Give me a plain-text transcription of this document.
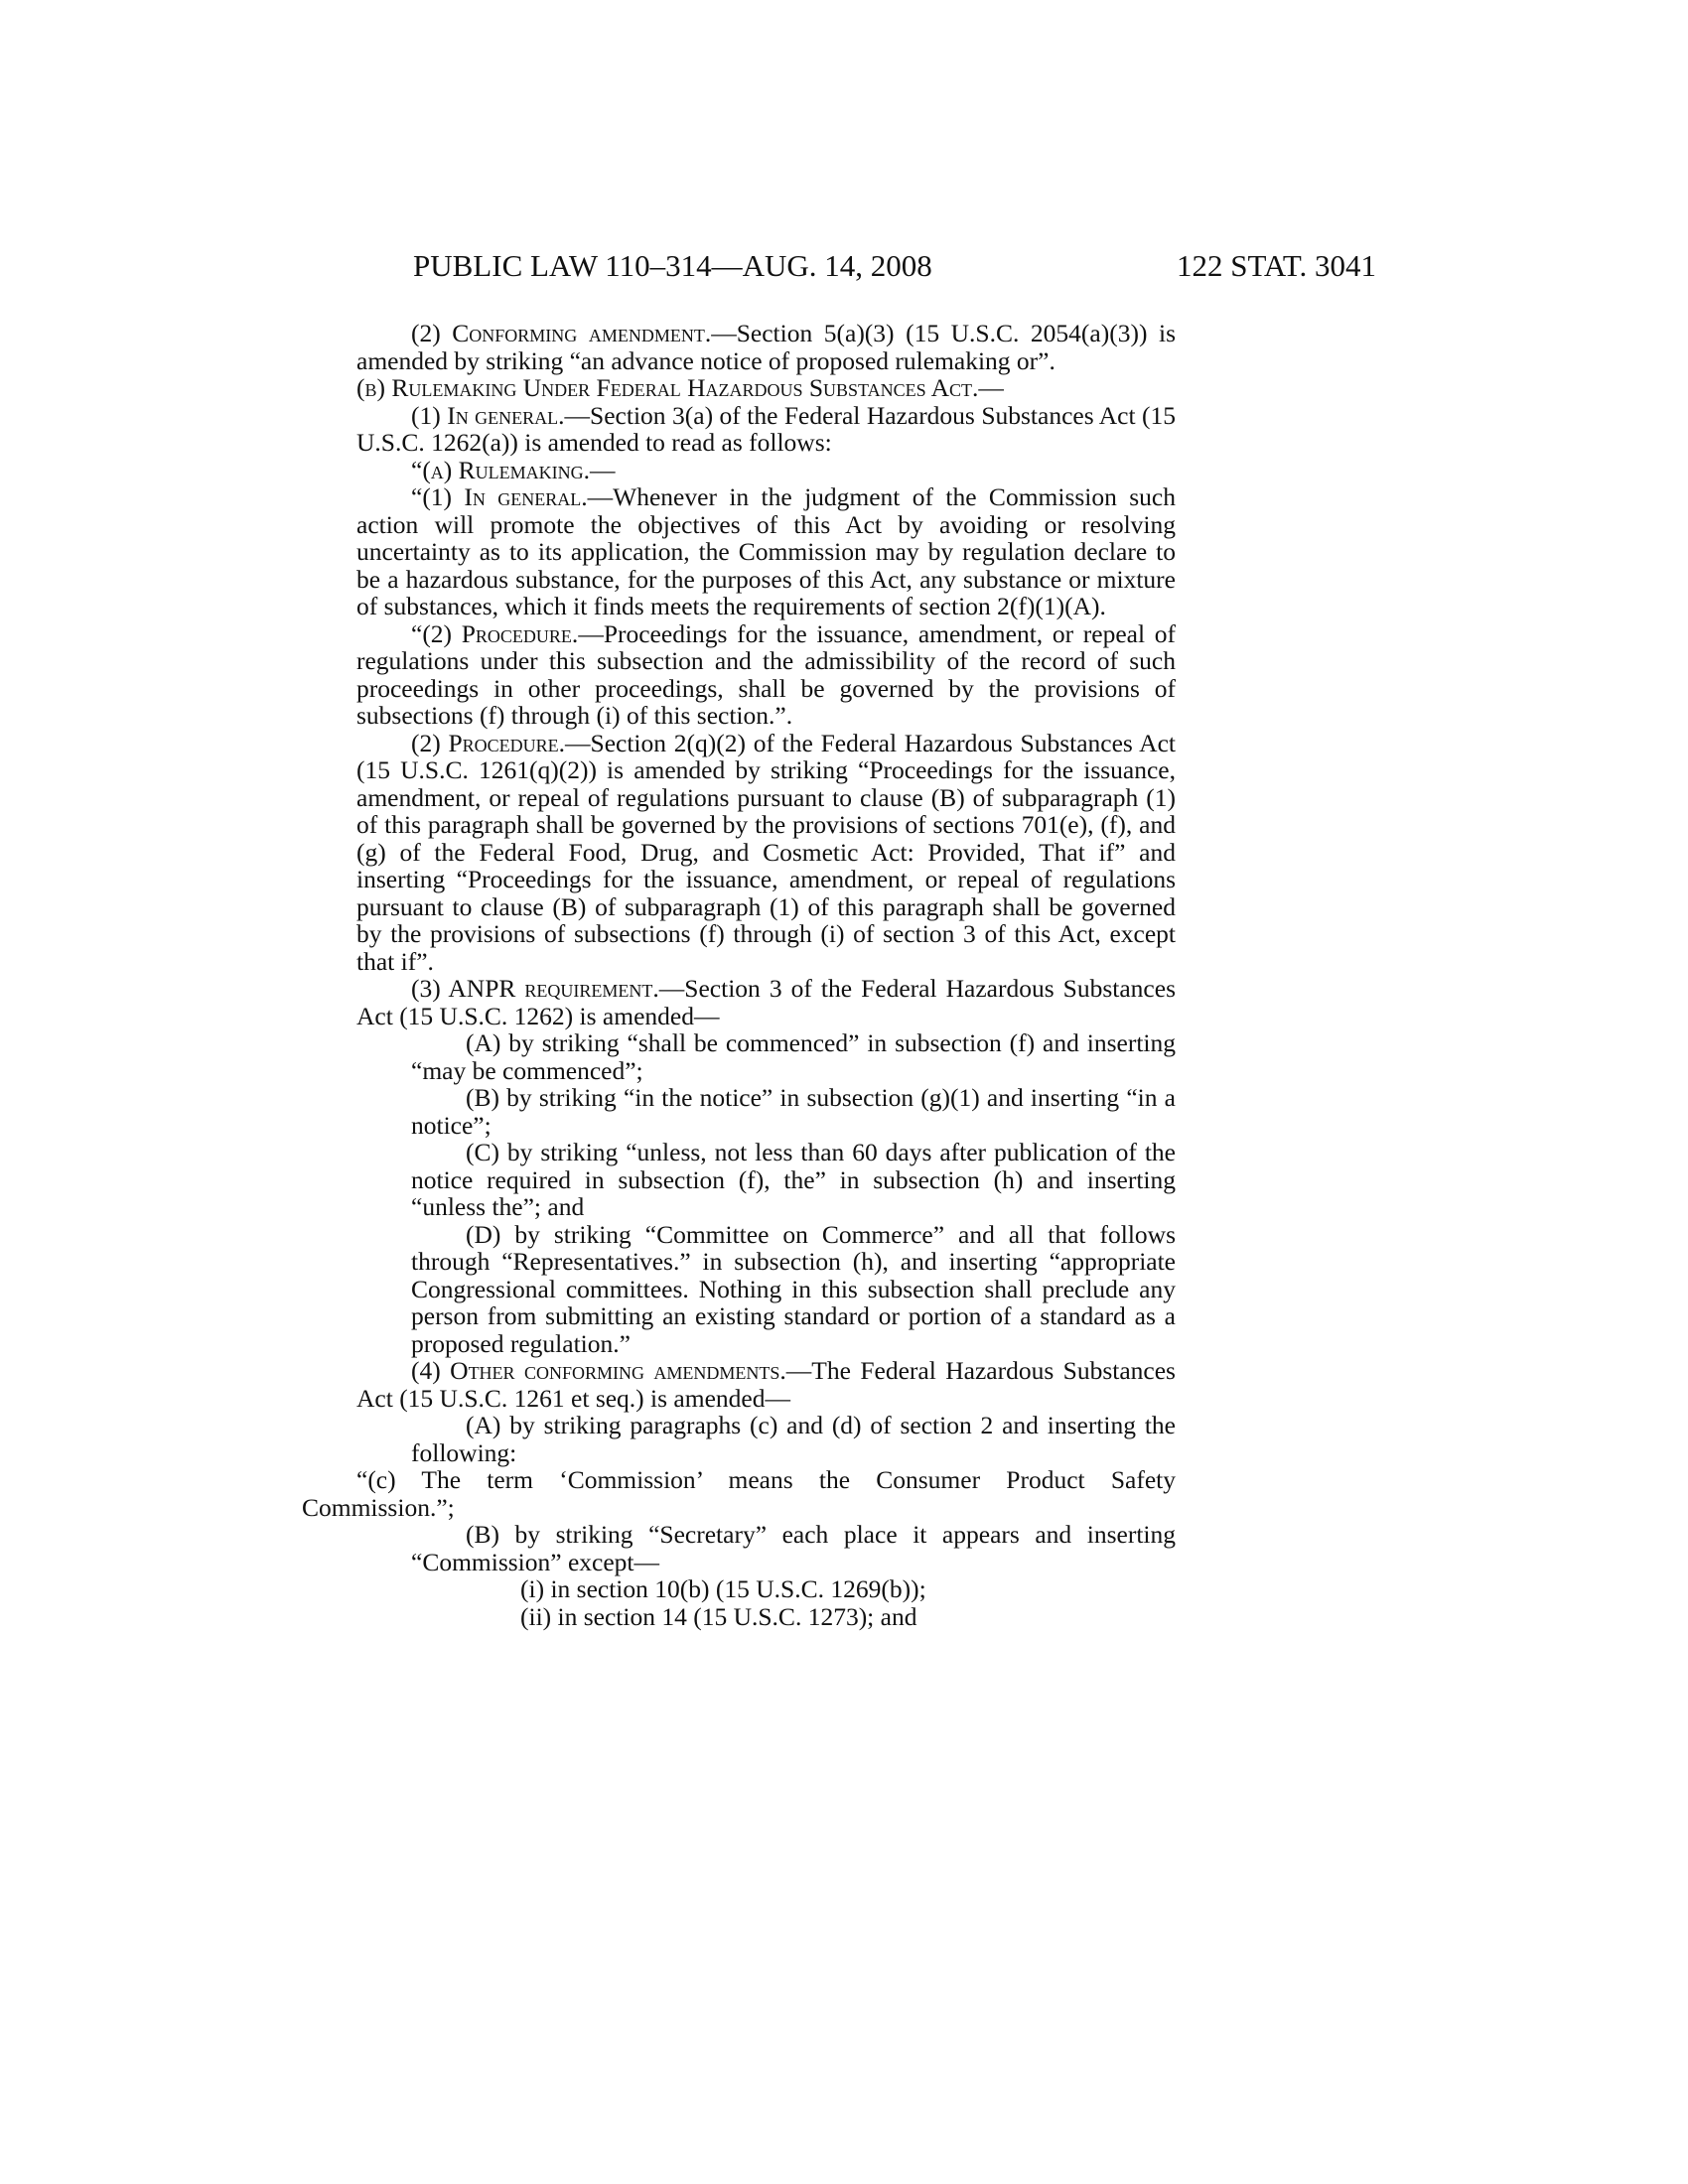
PUBLIC LAW 110–314—AUG. 14, 2008	122 STAT. 3041

(2) Conforming amendment.—Section 5(a)(3) (15 U.S.C. 2054(a)(3)) is amended by striking “an advance notice of proposed rulemaking or”.

(b) Rulemaking Under Federal Hazardous Substances Act.—

(1) In general.—Section 3(a) of the Federal Hazardous Substances Act (15 U.S.C. 1262(a)) is amended to read as follows:

“(a) Rulemaking.—

“(1) In general.—Whenever in the judgment of the Commission such action will promote the objectives of this Act by avoiding or resolving uncertainty as to its application, the Commission may by regulation declare to be a hazardous substance, for the purposes of this Act, any substance or mixture of substances, which it finds meets the requirements of section 2(f)(1)(A).

“(2) Procedure.—Proceedings for the issuance, amendment, or repeal of regulations under this subsection and the admissibility of the record of such proceedings in other proceedings, shall be governed by the provisions of subsections (f) through (i) of this section.”.

(2) Procedure.—Section 2(q)(2) of the Federal Hazardous Substances Act (15 U.S.C. 1261(q)(2)) is amended by striking “Proceedings for the issuance, amendment, or repeal of regulations pursuant to clause (B) of subparagraph (1) of this paragraph shall be governed by the provisions of sections 701(e), (f), and (g) of the Federal Food, Drug, and Cosmetic Act: Provided, That if” and inserting “Proceedings for the issuance, amendment, or repeal of regulations pursuant to clause (B) of subparagraph (1) of this paragraph shall be governed by the provisions of subsections (f) through (i) of section 3 of this Act, except that if”.

(3) ANPR requirement.—Section 3 of the Federal Hazardous Substances Act (15 U.S.C. 1262) is amended—

(A) by striking “shall be commenced” in subsection (f) and inserting “may be commenced”;

(B) by striking “in the notice” in subsection (g)(1) and inserting “in a notice”;

(C) by striking “unless, not less than 60 days after publication of the notice required in subsection (f), the” in subsection (h) and inserting “unless the”; and

(D) by striking “Committee on Commerce” and all that follows through “Representatives.” in subsection (h), and inserting “appropriate Congressional committees. Nothing in this subsection shall preclude any person from submitting an existing standard or portion of a standard as a proposed regulation.”

(4) Other conforming amendments.—The Federal Hazardous Substances Act (15 U.S.C. 1261 et seq.) is amended—

(A) by striking paragraphs (c) and (d) of section 2 and inserting the following:

“(c) The term ‘Commission’ means the Consumer Product Safety Commission.”;

(B) by striking “Secretary” each place it appears and inserting “Commission” except—

(i) in section 10(b) (15 U.S.C. 1269(b));

(ii) in section 14 (15 U.S.C. 1273); and
